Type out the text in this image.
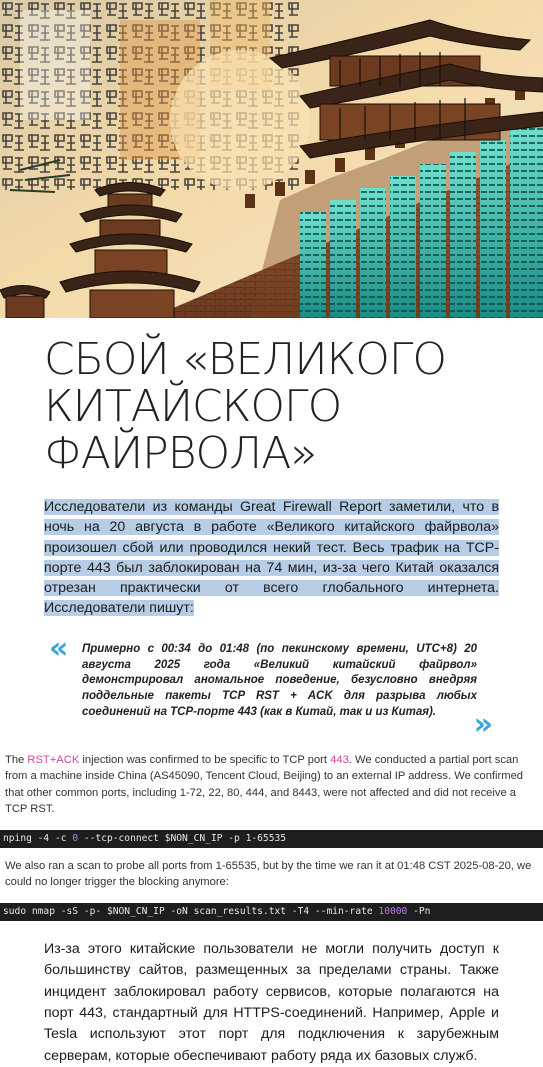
СБОЙ «ВЕЛИКОГО
КИТАЙСКОГО
ФАЙРВОЛА»

Исследователи из команды Great Firewall Report заметили, что в ночь на 20 августа в работе «Великого китайского файрвола» произошел сбой или проводился некий тест. Весь трафик на TCP-порте 443 был заблокирован на 74 мин, из-за чего Китай оказался отрезан практически от всего глобального интернета. Исследователи пишут:

« Примерно с 00:34 до 01:48 (по пекинскому времени, UTC+8) 20 августа 2025 года «Великий китайский файрвол» демонстрировал аномальное поведение, безусловно внедряя поддельные пакеты TCP RST + ACK для разрыва любых соединений на TCP-порте 443 (как в Китай, так и из Китая).	»

The RST+ACK injection was confirmed to be specific to TCP port 443. We conducted a partial port scan from a machine inside China (AS45090, Tencent Cloud, Beijing) to an external IP address. We confirmed that other common ports, including 1-72, 22, 80, 444, and 8443, were not affected and did not receive a TCP RST.

nping -4 -c 0 --tcp-connect $NON_CN_IP -p 1-65535

We also ran a scan to probe all ports from 1-65535, but by the time we ran it at 01:48 CST 2025-08-20, we could no longer trigger the blocking anymore:

sudo nmap -sS -p- $NON_CN_IP -oN scan_results.txt -T4 --min-rate 10000 -Pn

Из-за этого китайские пользователи не могли получить доступ к большинству сайтов, размещенных за пределами страны. Также инцидент заблокировал работу сервисов, которые полагаются на порт 443, стандартный для HTTPS-соединений. Например, Apple и Tesla используют этот порт для подключения к зарубежным серверам, которые обеспечивают работу ряда их базовых служб.
